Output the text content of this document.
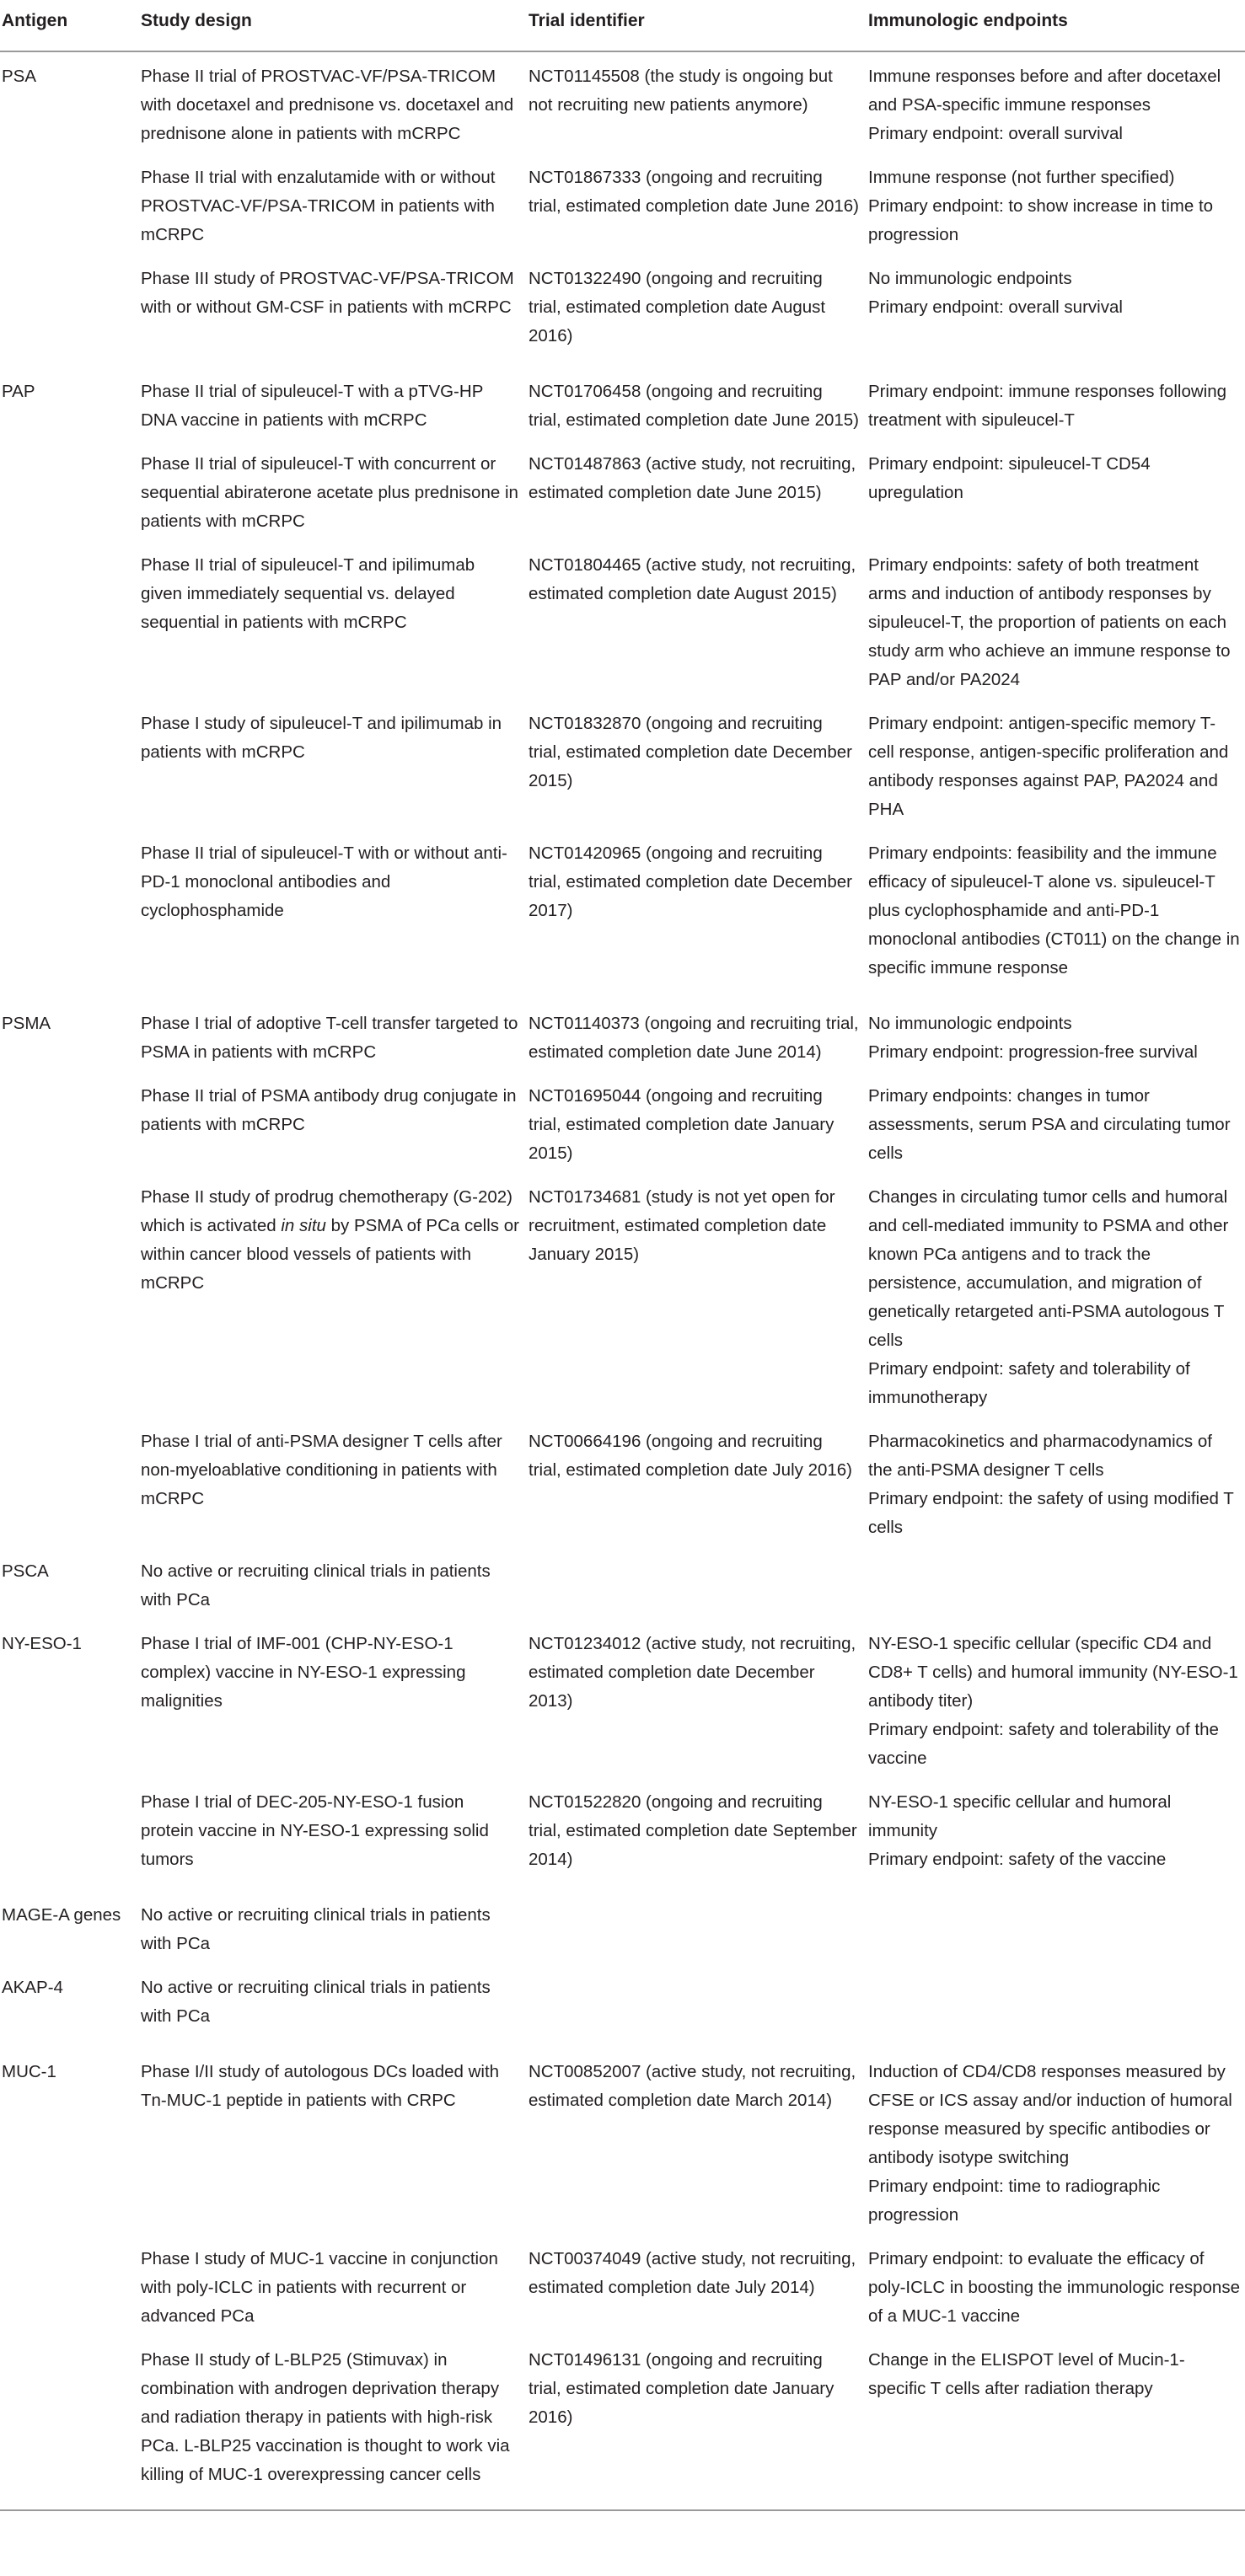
Antigen	Study design	Trial identifier	Immunologic endpoints
PSA	Phase II trial of PROSTVAC-VF/PSA-TRICOM with docetaxel and prednisone vs. docetaxel and prednisone alone in patients with mCRPC	NCT01145508 (the study is ongoing but not recruiting new patients anymore)	Immune responses before and after docetaxel and PSA-specific immune responses
Primary endpoint: overall survival

	Phase II trial with enzalutamide with or without PROSTVAC-VF/PSA-TRICOM in patients with mCRPC	NCT01867333 (ongoing and recruiting trial, estimated completion date June 2016)	Immune response (not further specified)
Primary endpoint: to show increase in time to progression

	Phase III study of PROSTVAC-VF/PSA-TRICOM with or without GM-CSF in patients with mCRPC	NCT01322490 (ongoing and recruiting trial, estimated completion date August 2016)	No immunologic endpoints
Primary endpoint: overall survival

PAP	Phase II trial of sipuleucel-T with a pTVG-HP DNA vaccine in patients with mCRPC	NCT01706458 (ongoing and recruiting trial, estimated completion date June 2015)	Primary endpoint: immune responses following treatment with sipuleucel-T

	Phase II trial of sipuleucel-T with concurrent or sequential abiraterone acetate plus prednisone in patients with mCRPC	NCT01487863 (active study, not recruiting, estimated completion date June 2015)	Primary endpoint: sipuleucel-T CD54 upregulation

	Phase II trial of sipuleucel-T and ipilimumab given immediately sequential vs. delayed sequential in patients with mCRPC	NCT01804465 (active study, not recruiting, estimated completion date August 2015)	Primary endpoints: safety of both treatment arms and induction of antibody responses by sipuleucel-T, the proportion of patients on each study arm who achieve an immune response to PAP and/or PA2024

	Phase I study of sipuleucel-T and ipilimumab in patients with mCRPC	NCT01832870 (ongoing and recruiting trial, estimated completion date December 2015)	Primary endpoint: antigen-specific memory T-cell response, antigen-specific proliferation and antibody responses against PAP, PA2024 and PHA

	Phase II trial of sipuleucel-T with or without anti-PD-1 monoclonal antibodies and cyclophosphamide	NCT01420965 (ongoing and recruiting trial, estimated completion date December 2017)	Primary endpoints: feasibility and the immune efficacy of sipuleucel-T alone vs. sipuleucel-T plus cyclophosphamide and anti-PD-1 monoclonal antibodies (CT011) on the change in specific immune response

PSMA	Phase I trial of adoptive T-cell transfer targeted to PSMA in patients with mCRPC	NCT01140373 (ongoing and recruiting trial, estimated completion date June 2014)	No immunologic endpoints
Primary endpoint: progression-free survival

	Phase II trial of PSMA antibody drug conjugate in patients with mCRPC	NCT01695044 (ongoing and recruiting trial, estimated completion date January 2015)	Primary endpoints: changes in tumor assessments, serum PSA and circulating tumor cells

	Phase II study of prodrug chemotherapy (G-202) which is activated in situ by PSMA of PCa cells or within cancer blood vessels of patients with mCRPC	NCT01734681 (study is not yet open for recruitment, estimated completion date January 2015)	Changes in circulating tumor cells and humoral and cell-mediated immunity to PSMA and other known PCa antigens and to track the persistence, accumulation, and migration of genetically retargeted anti-PSMA autologous T cells
Primary endpoint: safety and tolerability of immunotherapy

	Phase I trial of anti-PSMA designer T cells after non-myeloablative conditioning in patients with mCRPC	NCT00664196 (ongoing and recruiting trial, estimated completion date July 2016)	Pharmacokinetics and pharmacodynamics of the anti-PSMA designer T cells
Primary endpoint: the safety of using modified T cells

PSCA	No active or recruiting clinical trials in patients with PCa		
NY-ESO-1	Phase I trial of IMF-001 (CHP-NY-ESO-1 complex) vaccine in NY-ESO-1 expressing malignities	NCT01234012 (active study, not recruiting, estimated completion date December 2013)	NY-ESO-1 specific cellular (specific CD4 and CD8+ T cells) and humoral immunity (NY-ESO-1 antibody titer)
Primary endpoint: safety and tolerability of the vaccine

	Phase I trial of DEC-205-NY-ESO-1 fusion protein vaccine in NY-ESO-1 expressing solid tumors	NCT01522820 (ongoing and recruiting trial, estimated completion date September 2014)	NY-ESO-1 specific cellular and humoral immunity
Primary endpoint: safety of the vaccine

MAGE-A genes	No active or recruiting clinical trials in patients with PCa		
AKAP-4	No active or recruiting clinical trials in patients with PCa		
MUC-1	Phase I/II study of autologous DCs loaded with Tn-MUC-1 peptide in patients with CRPC	NCT00852007 (active study, not recruiting, estimated completion date March 2014)	Induction of CD4/CD8 responses measured by CFSE or ICS assay and/or induction of humoral response measured by specific antibodies or antibody isotype switching
Primary endpoint: time to radiographic progression

	Phase I study of MUC-1 vaccine in conjunction with poly-ICLC in patients with recurrent or advanced PCa	NCT00374049 (active study, not recruiting, estimated completion date July 2014)	Primary endpoint: to evaluate the efficacy of poly-ICLC in boosting the immunologic response of a MUC-1 vaccine

	Phase II study of L-BLP25 (Stimuvax) in combination with androgen deprivation therapy and radiation therapy in patients with high-risk PCa. L-BLP25 vaccination is thought to work via killing of MUC-1 overexpressing cancer cells	NCT01496131 (ongoing and recruiting trial, estimated completion date January 2016)	Change in the ELISPOT level of Mucin-1-specific T cells after radiation therapy
